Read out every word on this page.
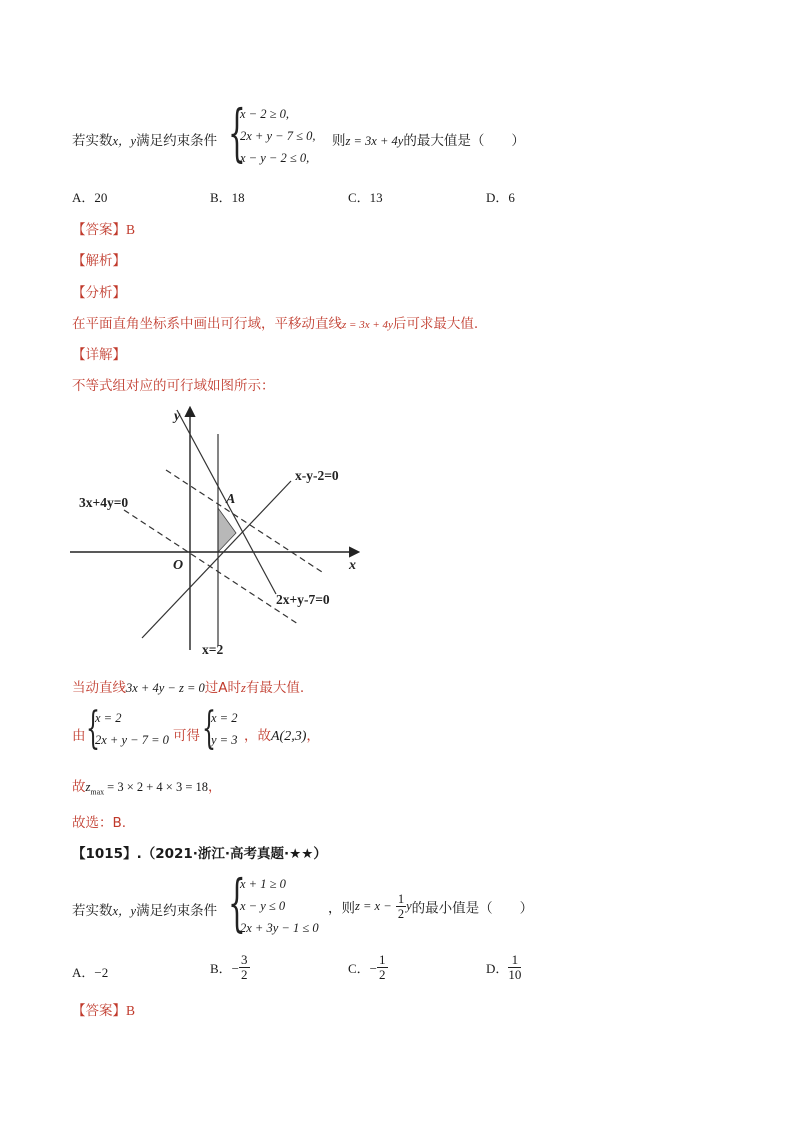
若实数x，y满足约束条件 {
x − 2 ≥ 0,
2x + y − 7 ≤ 0,
x − y − 2 ≤ 0,
则z = 3x + 4y的最大值是（　　）
A．20	B．18	C．13	D．6
【答案】B
【解析】
【分析】
在平面直角坐标系中画出可行域，平移动直线z = 3x + 4y后可求最大值.
【详解】
不等式组对应的可行域如图所示：
y
x
O
A
x-y-2=0
3x+4y=0
2x+y-7=0
x=2
当动直线3x + 4y − z = 0过A时z有最大值.
由 {
x = 2
2x + y − 7 = 0 可得 {
x = 2
y = 3 ，故A(2,3)，
故$z_{max} = 3 \times 2 + 4 \times 3 = 18$，
故选：B.
【1015】.（2021·浙江·高考真题·★★）
若实数x，y满足约束条件 {
x + 1 ≥ 0
x − y ≤ 0
2x + 3y − 1 ≤ 0
，则$z = x - \frac{1}{2}$ y的最小值是（　　）
A．−2	B．− $\frac{3}{2}$	C．− $\frac{1}{2}$	D． $\frac{1}{10}$
【答案】B
